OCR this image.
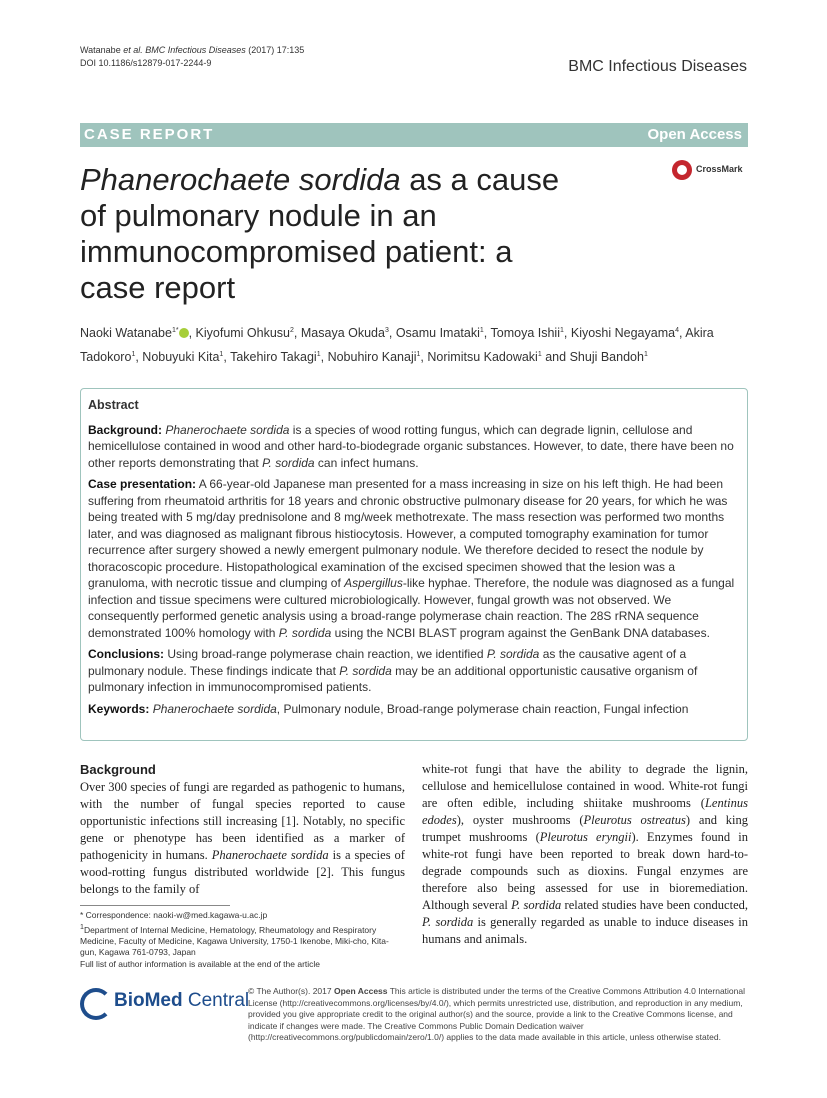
Watanabe et al. BMC Infectious Diseases (2017) 17:135
DOI 10.1186/s12879-017-2244-9	BMC Infectious Diseases
CASE REPORT	Open Access
Phanerochaete sordida as a cause of pulmonary nodule in an immunocompromised patient: a case report
CrossMark
Naoki Watanabe$^{1*}$ , Kiyofumi Ohkusu$^2$, Masaya Okuda$^3$, Osamu Imataki$^1$, Tomoya Ishii$^1$, Kiyoshi Negayama$^4$, Akira Tadokoro$^1$, Nobuyuki Kita$^1$, Takehiro Takagi$^1$, Nobuhiro Kanaji$^1$, Norimitsu Kadowaki$^1$ and Shuji Bandoh$^1$
Abstract

Background: Phanerochaete sordida is a species of wood rotting fungus, which can degrade lignin, cellulose and hemicellulose contained in wood and other hard-to-biodegrade organic substances. However, to date, there have been no other reports demonstrating that P. sordida can infect humans.

Case presentation: A 66-year-old Japanese man presented for a mass increasing in size on his left thigh. He had been suffering from rheumatoid arthritis for 18 years and chronic obstructive pulmonary disease for 20 years, for which he was being treated with 5 mg/day prednisolone and 8 mg/week methotrexate. The mass resection was performed two months later, and was diagnosed as malignant fibrous histiocytosis. However, a computed tomography examination for tumor recurrence after surgery showed a newly emergent pulmonary nodule. We therefore decided to resect the nodule by thoracoscopic procedure. Histopathological examination of the excised specimen showed that the lesion was a granuloma, with necrotic tissue and clumping of Aspergillus-like hyphae. Therefore, the nodule was diagnosed as a fungal infection and tissue specimens were cultured microbiologically. However, fungal growth was not observed. We consequently performed genetic analysis using a broad-range polymerase chain reaction. The 28S rRNA sequence demonstrated 100% homology with P. sordida using the NCBI BLAST program against the GenBank DNA databases.

Conclusions: Using broad-range polymerase chain reaction, we identified P. sordida as the causative agent of a pulmonary nodule. These findings indicate that P. sordida may be an additional opportunistic causative organism of pulmonary infection in immunocompromised patients.

Keywords: Phanerochaete sordida, Pulmonary nodule, Broad-range polymerase chain reaction, Fungal infection

Background
Over 300 species of fungi are regarded as pathogenic to humans, with the number of fungal species reported to cause opportunistic infections still increasing [1]. Notably, no specific gene or phenotype has been identified as a marker of pathogenicity in humans. Phanerochaete sordida is a species of wood-rotting fungus distributed worldwide [2]. This fungus belongs to the family of
white-rot fungi that have the ability to degrade the lignin, cellulose and hemicellulose contained in wood. White-rot fungi are often edible, including shiitake mushrooms (Lentinus edodes), oyster mushrooms (Pleurotus ostreatus) and king trumpet mushrooms (Pleurotus eryngii). Enzymes found in white-rot fungi have been reported to break down hard-to-degrade compounds such as dioxins. Fungal enzymes are therefore also being assessed for use in bioremediation. Although several P. sordida related studies have been conducted, P. sordida is generally regarded as unable to induce diseases in humans and animals.

* Correspondence: naoki-w@med.kagawa-u.ac.jp

$^1$Department of Internal Medicine, Hematology, Rheumatology and Respiratory Medicine, Faculty of Medicine, Kagawa University, 1750-1 Ikenobe, Miki-cho, Kita-gun, Kagawa 761-0793, Japan

Full list of author information is available at the end of the article

BioMed Central
© The Author(s). 2017 Open Access This article is distributed under the terms of the Creative Commons Attribution 4.0 International License (http://creativecommons.org/licenses/by/4.0/), which permits unrestricted use, distribution, and reproduction in any medium, provided you give appropriate credit to the original author(s) and the source, provide a link to the Creative Commons license, and indicate if changes were made. The Creative Commons Public Domain Dedication waiver (http://creativecommons.org/publicdomain/zero/1.0/) applies to the data made available in this article, unless otherwise stated.
